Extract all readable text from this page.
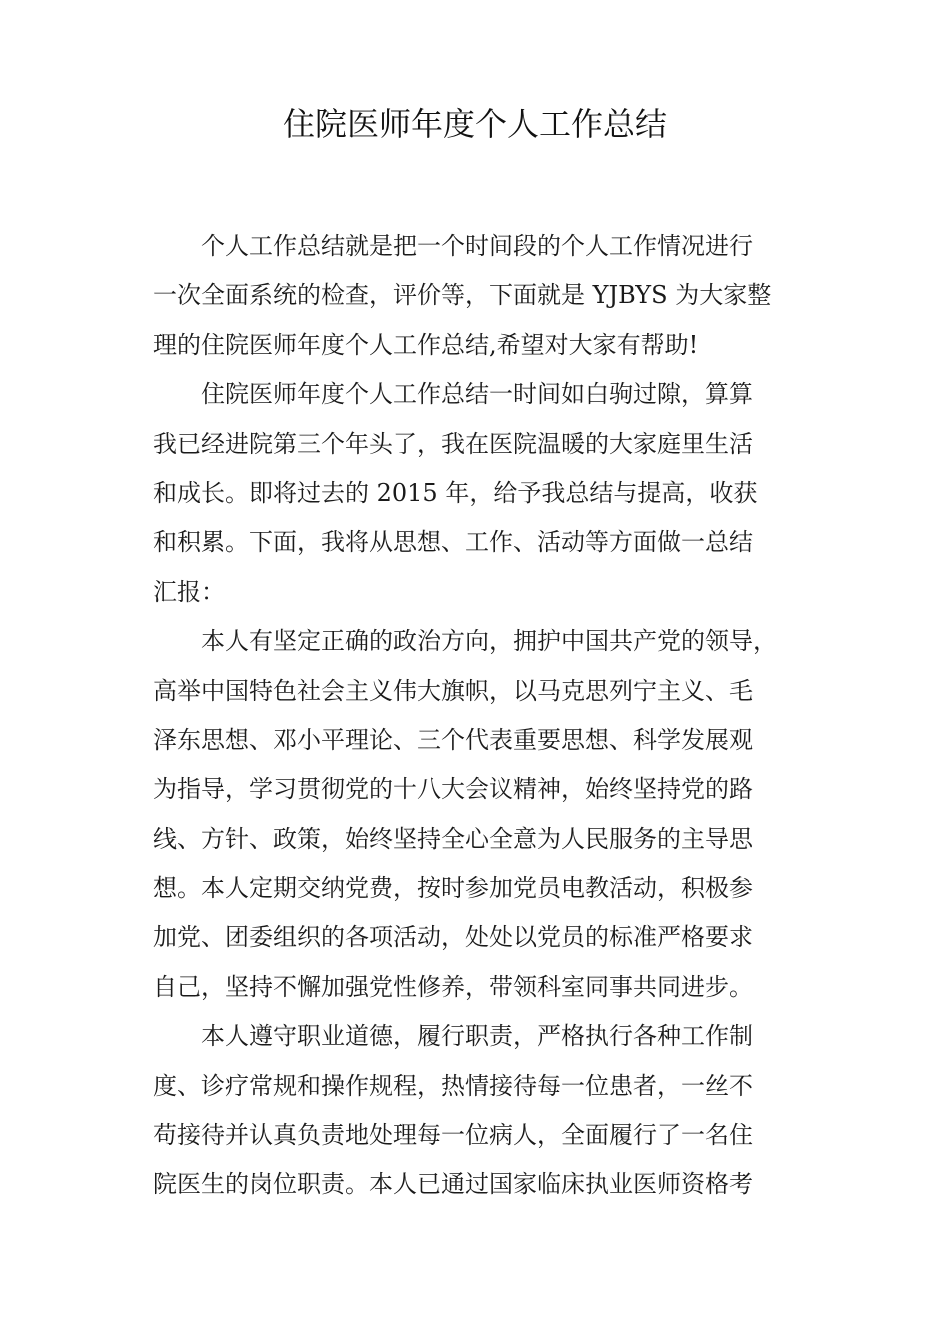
住院医师年度个人工作总结
　　个人工作总结就是把一个时间段的个人工作情况进行
一次全面系统的检查，评价等，下面就是 YJBYS 为大家整
理的住院医师年度个人工作总结,希望对大家有帮助!
　　住院医师年度个人工作总结一时间如白驹过隙，算算
我已经进院第三个年头了，我在医院温暖的大家庭里生活
和成长。即将过去的 2015 年，给予我总结与提高，收获
和积累。下面，我将从思想、工作、活动等方面做一总结
汇报：
　　本人有坚定正确的政治方向，拥护中国共产党的领导，
高举中国特色社会主义伟大旗帜，以马克思列宁主义、毛
泽东思想、邓小平理论、三个代表重要思想、科学发展观
为指导，学习贯彻党的十八大会议精神，始终坚持党的路
线、方针、政策，始终坚持全心全意为人民服务的主导思
想。本人定期交纳党费，按时参加党员电教活动，积极参
加党、团委组织的各项活动，处处以党员的标准严格要求
自己，坚持不懈加强党性修养，带领科室同事共同进步。
　　本人遵守职业道德，履行职责，严格执行各种工作制
度、诊疗常规和操作规程，热情接待每一位患者，一丝不
苟接待并认真负责地处理每一位病人，全面履行了一名住
院医生的岗位职责。本人已通过国家临床执业医师资格考
